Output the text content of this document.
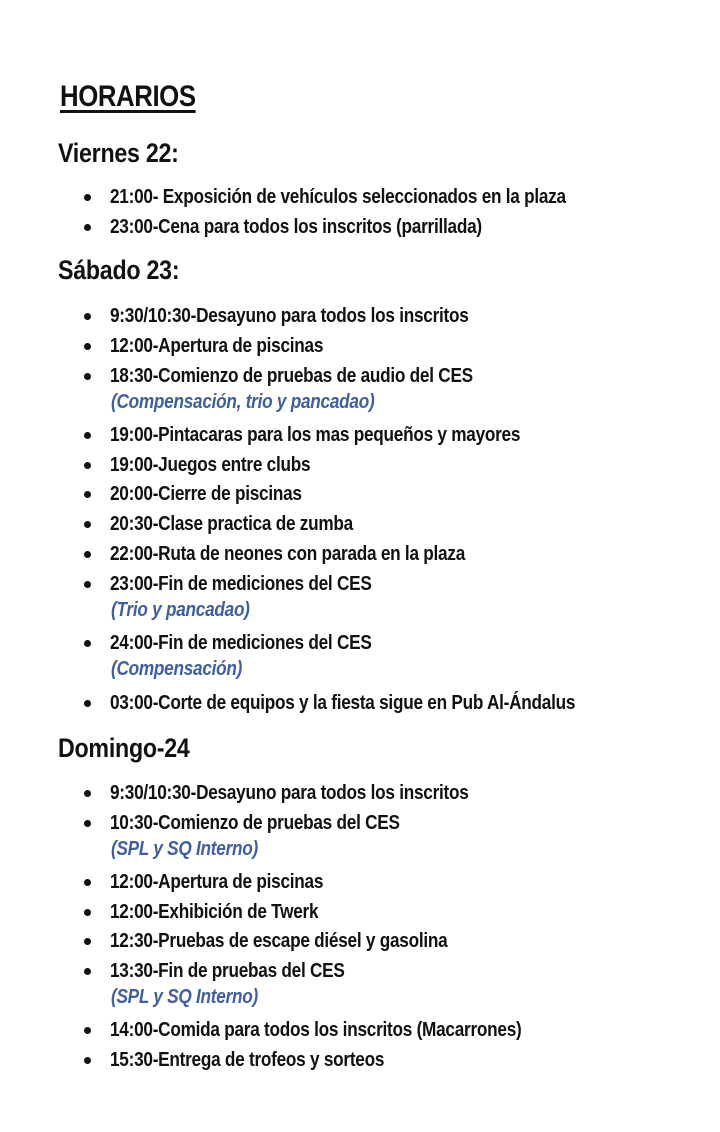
HORARIOS
Viernes 22:
21:00- Exposición de vehículos seleccionados en la plaza
23:00-Cena para todos los inscritos (parrillada)
Sábado 23:
9:30/10:30-Desayuno para todos los inscritos
12:00-Apertura de piscinas
18:30-Comienzo de pruebas de audio del CES
(Compensación, trio y pancadao)
19:00-Pintacaras para los mas pequeños y mayores
19:00-Juegos entre clubs
20:00-Cierre de piscinas
20:30-Clase practica de zumba
22:00-Ruta de neones con parada en la plaza
23:00-Fin de mediciones del CES
(Trio y pancadao)
24:00-Fin de mediciones del CES
(Compensación)
03:00-Corte de equipos y la fiesta sigue en Pub Al-Ándalus
Domingo-24
9:30/10:30-Desayuno para todos los inscritos
10:30-Comienzo de pruebas del CES
(SPL y SQ Interno)
12:00-Apertura de piscinas
12:00-Exhibición de Twerk
12:30-Pruebas de escape diésel y gasolina
13:30-Fin de pruebas del CES
(SPL y SQ Interno)
14:00-Comida para todos los inscritos (Macarrones)
15:30-Entrega de trofeos y sorteos
